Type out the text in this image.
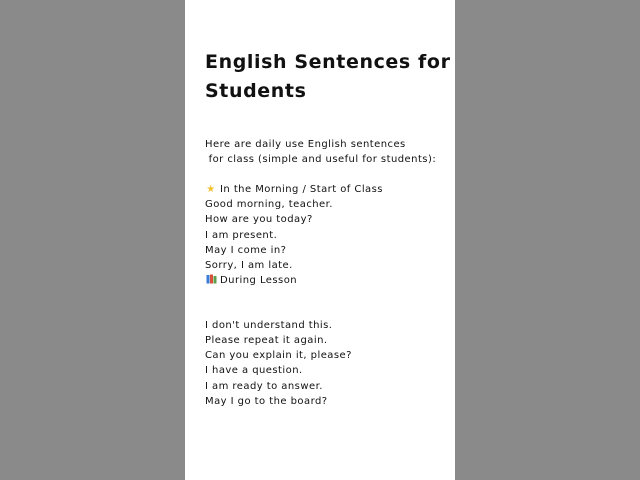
English Sentences for
Students
Here are daily use English sentences
for class (simple and useful for students):
★ In the Morning / Start of Class
Good morning, teacher.
How are you today?
I am present.
May I come in?
Sorry, I am late.
During Lesson
I don't understand this.
Please repeat it again.
Can you explain it, please?
I have a question.
I am ready to answer.
May I go to the board?
